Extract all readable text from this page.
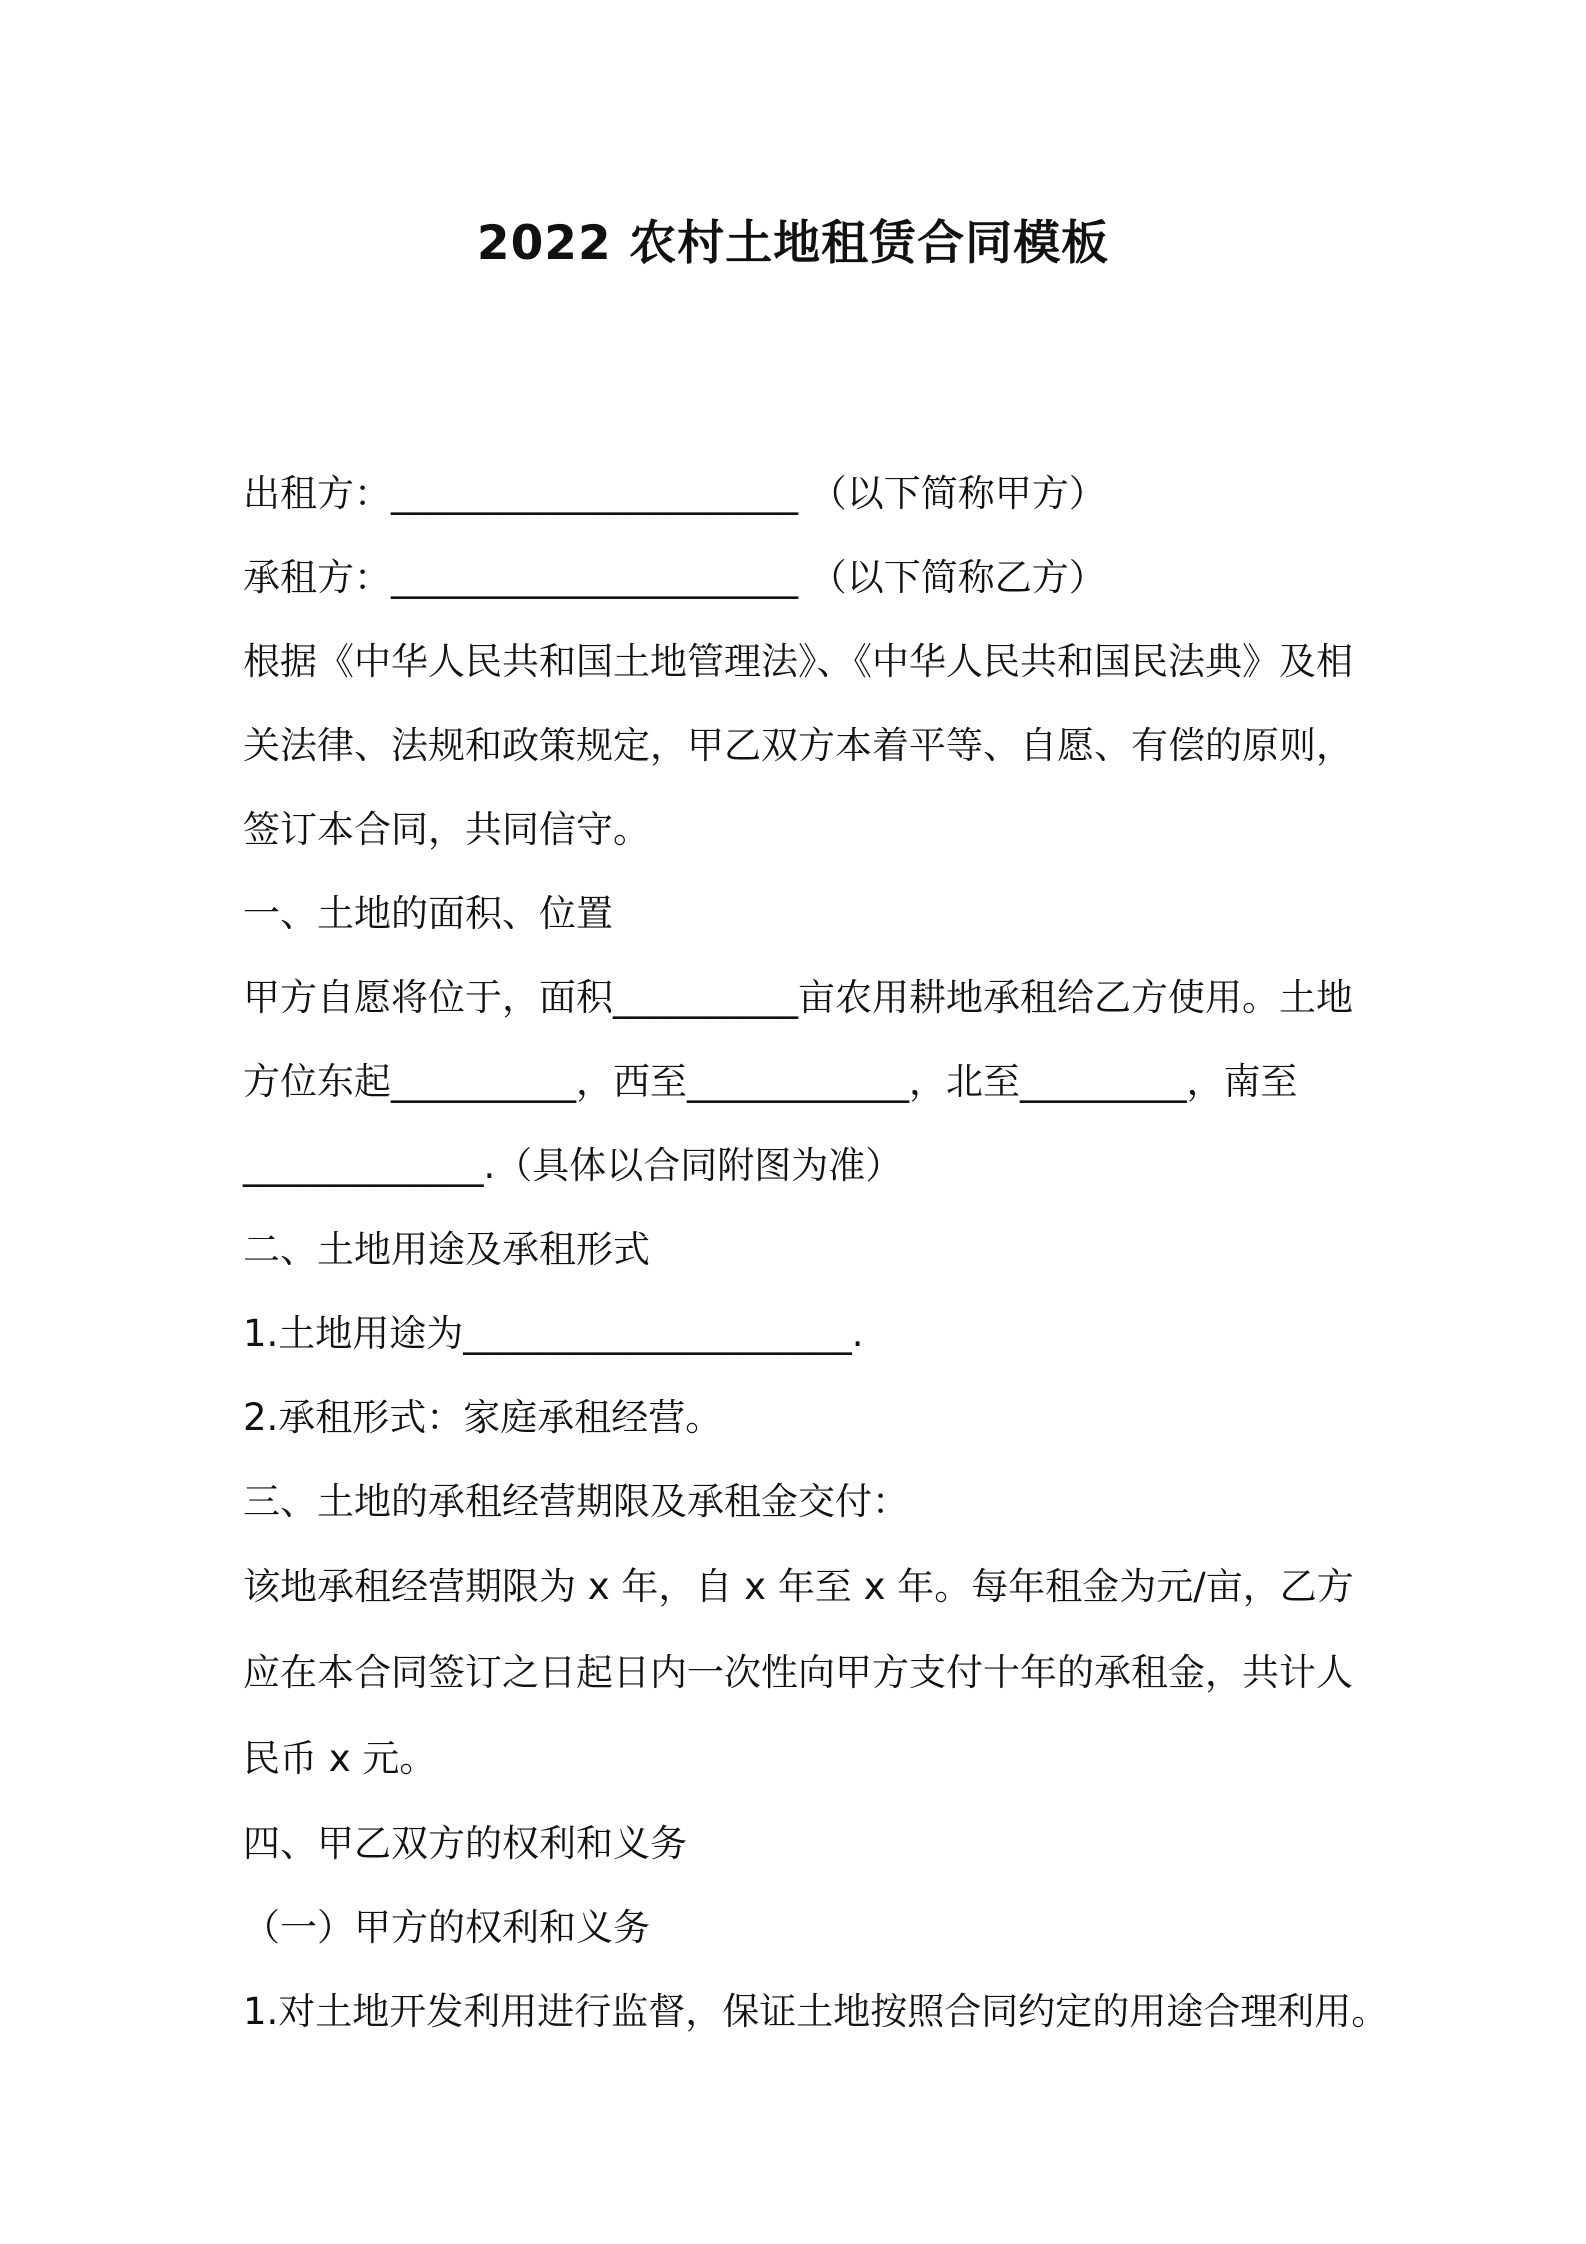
2022 农村土地租赁合同模板

出租方：______________________ （以下简称甲方）

承租方：______________________ （以下简称乙方）

根据《中华人民共和国土地管理法》、《中华人民共和国民法典》及相

关法律、法规和政策规定，甲乙双方本着平等、自愿、有偿的原则，

签订本合同，共同信守。

一、土地的面积、位置

甲方自愿将位于，面积__________亩农用耕地承租给乙方使用。土地

方位东起__________，西至____________，北至_________，南至

_____________.（具体以合同附图为准）

二、土地用途及承租形式

1.土地用途为_____________________.

2.承租形式：家庭承租经营。

三、土地的承租经营期限及承租金交付：

该地承租经营期限为 x 年，自 x 年至 x 年。每年租金为元/亩，乙方

应在本合同签订之日起日内一次性向甲方支付十年的承租金，共计人

民币 x 元。

四、甲乙双方的权利和义务

（一）甲方的权利和义务

1.对土地开发利用进行监督，保证土地按照合同约定的用途合理利用。
